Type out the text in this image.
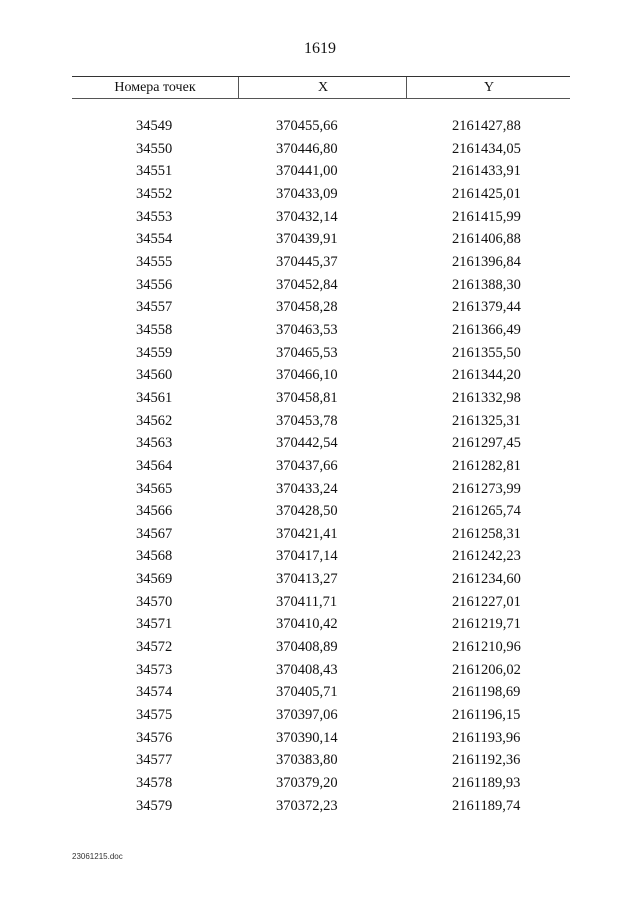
1619
Номера точек	X	Y
34549	370455,66	2161427,88
34550	370446,80	2161434,05
34551	370441,00	2161433,91
34552	370433,09	2161425,01
34553	370432,14	2161415,99
34554	370439,91	2161406,88
34555	370445,37	2161396,84
34556	370452,84	2161388,30
34557	370458,28	2161379,44
34558	370463,53	2161366,49
34559	370465,53	2161355,50
34560	370466,10	2161344,20
34561	370458,81	2161332,98
34562	370453,78	2161325,31
34563	370442,54	2161297,45
34564	370437,66	2161282,81
34565	370433,24	2161273,99
34566	370428,50	2161265,74
34567	370421,41	2161258,31
34568	370417,14	2161242,23
34569	370413,27	2161234,60
34570	370411,71	2161227,01
34571	370410,42	2161219,71
34572	370408,89	2161210,96
34573	370408,43	2161206,02
34574	370405,71	2161198,69
34575	370397,06	2161196,15
34576	370390,14	2161193,96
34577	370383,80	2161192,36
34578	370379,20	2161189,93
34579	370372,23	2161189,74
23061215.doc
